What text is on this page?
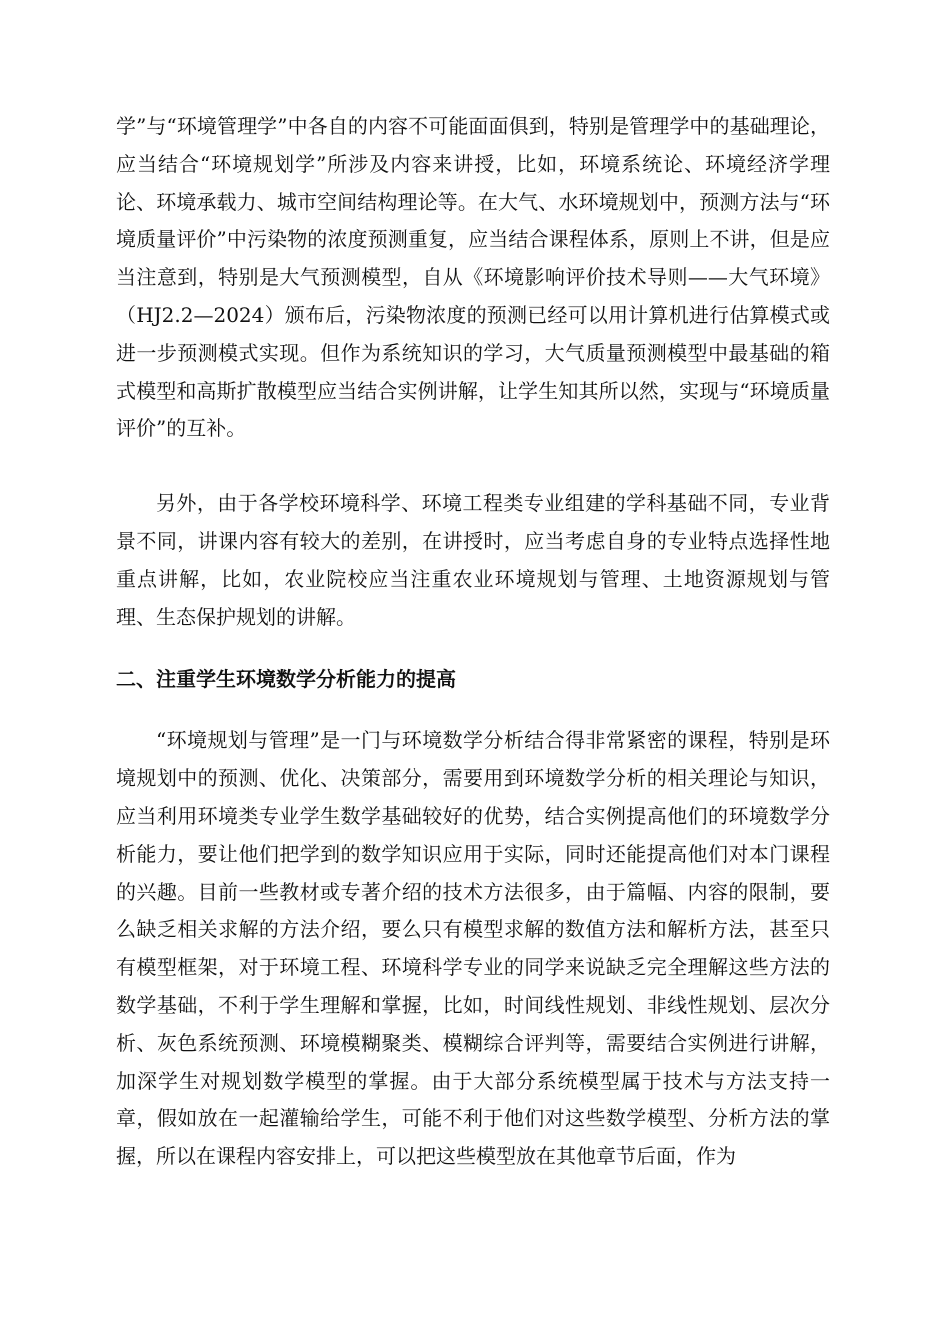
学”与“环境管理学”中各自的内容不可能面面俱到，特别是管理学中的基础理论，应当结合“环境规划学”所涉及内容来讲授，比如，环境系统论、环境经济学理论、环境承载力、城市空间结构理论等。在大气、水环境规划中，预测方法与“环境质量评价”中污染物的浓度预测重复，应当结合课程体系，原则上不讲，但是应当注意到，特别是大气预测模型，自从《环境影响评价技术导则——大气环境》（HJ2.2—2024）颁布后，污染物浓度的预测已经可以用计算机进行估算模式或进一步预测模式实现。但作为系统知识的学习，大气质量预测模型中最基础的箱式模型和高斯扩散模型应当结合实例讲解，让学生知其所以然，实现与“环境质量评价”的互补。

另外，由于各学校环境科学、环境工程类专业组建的学科基础不同，专业背景不同，讲课内容有较大的差别，在讲授时，应当考虑自身的专业特点选择性地重点讲解，比如，农业院校应当注重农业环境规划与管理、土地资源规划与管理、生态保护规划的讲解。

二、注重学生环境数学分析能力的提高

“环境规划与管理”是一门与环境数学分析结合得非常紧密的课程，特别是环境规划中的预测、优化、决策部分，需要用到环境数学分析的相关理论与知识，应当利用环境类专业学生数学基础较好的优势，结合实例提高他们的环境数学分析能力，要让他们把学到的数学知识应用于实际，同时还能提高他们对本门课程的兴趣。目前一些教材或专著介绍的技术方法很多，由于篇幅、内容的限制，要么缺乏相关求解的方法介绍，要么只有模型求解的数值方法和解析方法，甚至只有模型框架，对于环境工程、环境科学专业的同学来说缺乏完全理解这些方法的数学基础，不利于学生理解和掌握，比如，时间线性规划、非线性规划、层次分析、灰色系统预测、环境模糊聚类、模糊综合评判等，需要结合实例进行讲解，加深学生对规划数学模型的掌握。由于大部分系统模型属于技术与方法支持一章，假如放在一起灌输给学生，可能不利于他们对这些数学模型、分析方法的掌握，所以在课程内容安排上，可以把这些模型放在其他章节后面，作为
